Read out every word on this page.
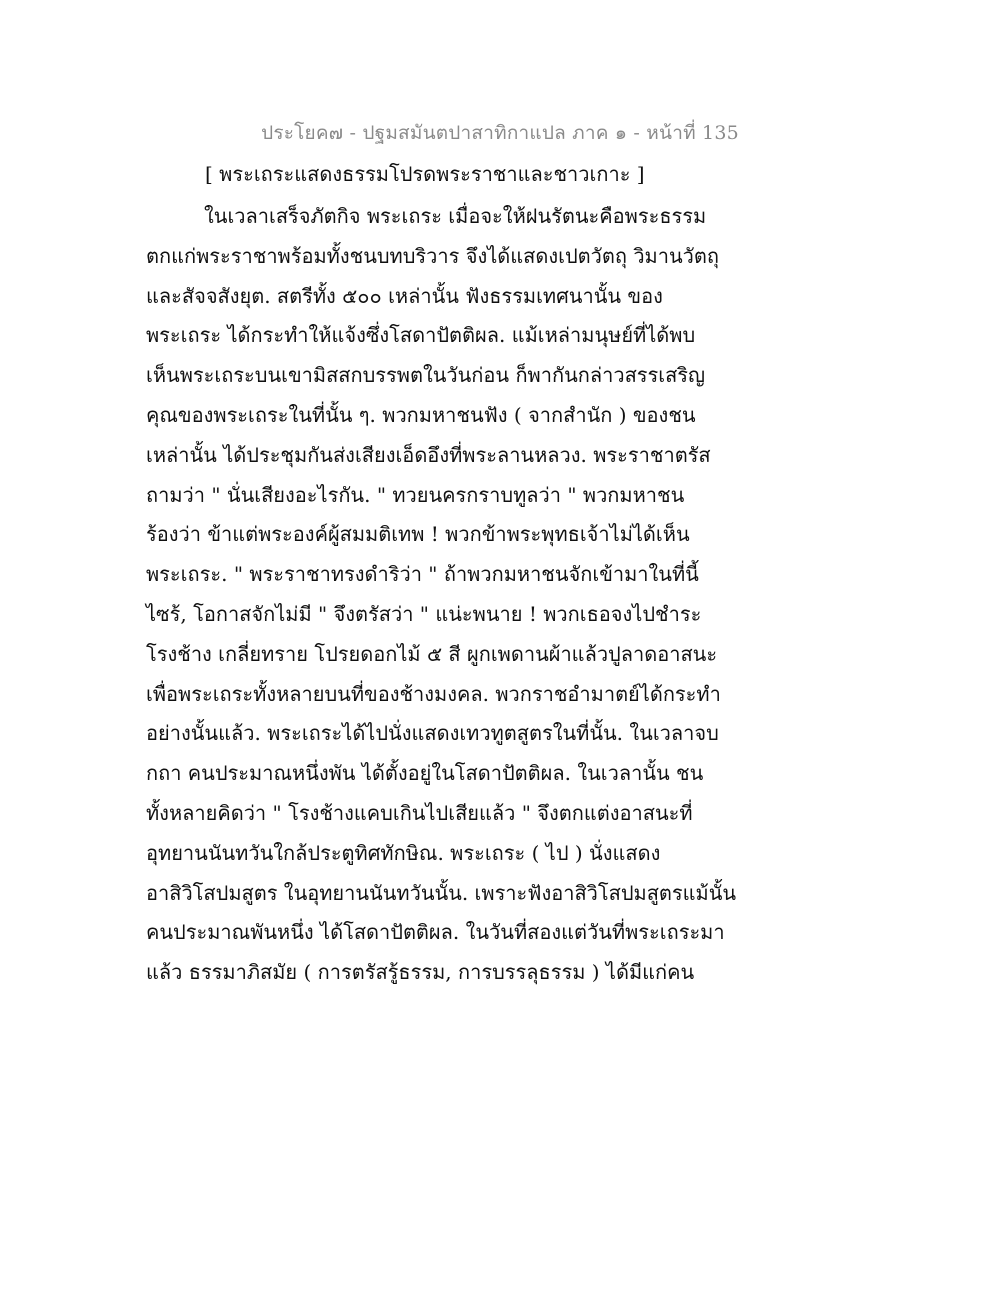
ประโยค๗ - ปฐมสมันตปาสาทิกาแปล ภาค ๑ - หน้าที่ 135
[ พระเถระแสดงธรรมโปรดพระราชาและชาวเกาะ ]
ในเวลาเสร็จภัตกิจ พระเถระ เมื่อจะให้ฝนรัตนะคือพระธรรม
ตกแก่พระราชาพร้อมทั้งชนบทบริวาร จึงได้แสดงเปตวัตถุ วิมานวัตถุ
และสัจจสังยุต. สตรีทั้ง ๕๐๐ เหล่านั้น ฟังธรรมเทศนานั้น ของ
พระเถระ ได้กระทำให้แจ้งซึ่งโสดาปัตติผล. แม้เหล่ามนุษย์ที่ได้พบ
เห็นพระเถระบนเขามิสสกบรรพตในวันก่อน ก็พากันกล่าวสรรเสริญ
คุณของพระเถระในที่นั้น ๆ. พวกมหาชนฟัง ( จากสำนัก ) ของชน
เหล่านั้น ได้ประชุมกันส่งเสียงเอ็ดอึงที่พระลานหลวง. พระราชาตรัส
ถามว่า " นั่นเสียงอะไรกัน. " ทวยนครกราบทูลว่า " พวกมหาชน
ร้องว่า ข้าแต่พระองค์ผู้สมมติเทพ ! พวกข้าพระพุทธเจ้าไม่ได้เห็น
พระเถระ. " พระราชาทรงดำริว่า " ถ้าพวกมหาชนจักเข้ามาในที่นี้
ไซร้, โอกาสจักไม่มี " จึงตรัสว่า " แน่ะพนาย ! พวกเธอจงไปชำระ
โรงช้าง เกลี่ยทราย โปรยดอกไม้ ๕ สี ผูกเพดานผ้าแล้วปูลาดอาสนะ
เพื่อพระเถระทั้งหลายบนที่ของช้างมงคล. พวกราชอำมาตย์ได้กระทำ
อย่างนั้นแล้ว. พระเถระได้ไปนั่งแสดงเทวทูตสูตรในที่นั้น. ในเวลาจบ
กถา คนประมาณหนึ่งพัน ได้ตั้งอยู่ในโสดาปัตติผล. ในเวลานั้น ชน
ทั้งหลายคิดว่า " โรงช้างแคบเกินไปเสียแล้ว " จึงตกแต่งอาสนะที่
อุทยานนันทวันใกล้ประตูทิศทักษิณ. พระเถระ ( ไป ) นั่งแสดง
อาสิวิโสปมสูตร ในอุทยานนันทวันนั้น. เพราะฟังอาสิวิโสปมสูตรแม้นั้น
คนประมาณพันหนึ่ง ได้โสดาปัตติผล. ในวันที่สองแต่วันที่พระเถระมา
แล้ว ธรรมาภิสมัย ( การตรัสรู้ธรรม, การบรรลุธรรม ) ได้มีแก่คน
